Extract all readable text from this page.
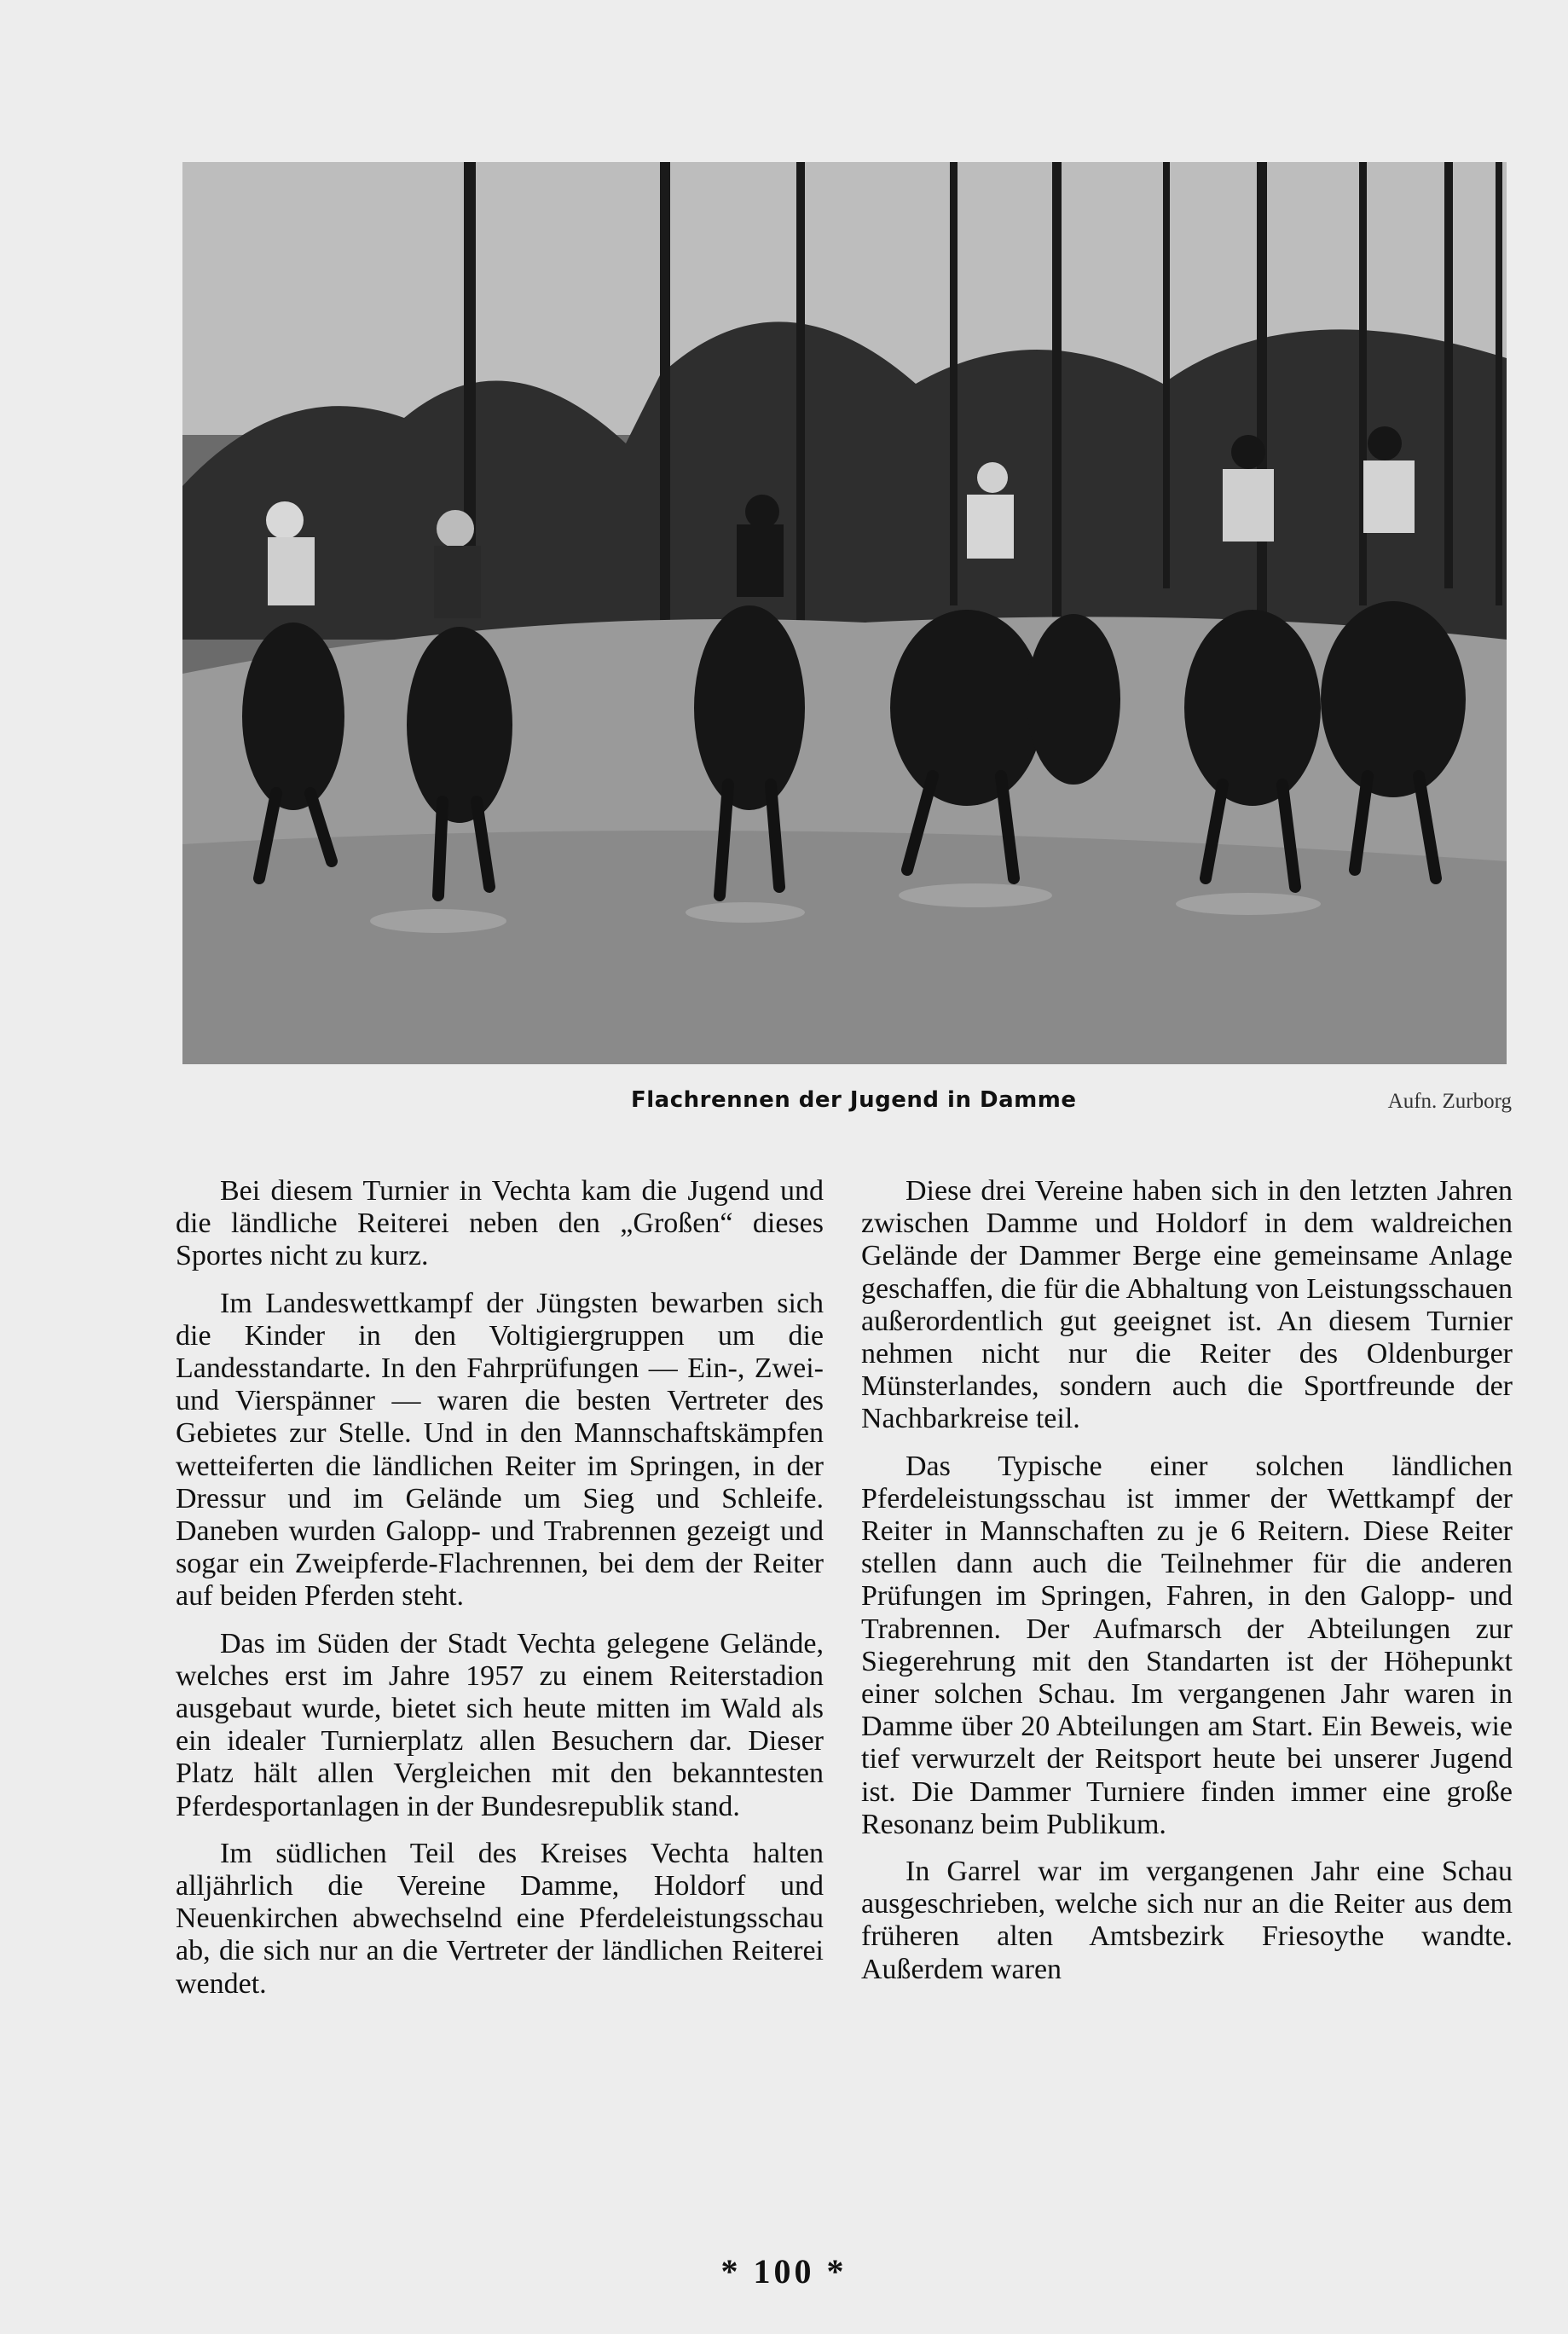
Flachrennen der Jugend in Damme	Aufn. Zurborg

Bei diesem Turnier in Vechta kam die Jugend und die ländliche Reiterei neben den „Großen“ dieses Sportes nicht zu kurz.

Im Landeswettkampf der Jüngsten bewarben sich die Kinder in den Voltigiergruppen um die Landesstandarte. In den Fahrprüfungen — Ein-, Zwei- und Vierspänner — waren die besten Vertreter des Gebietes zur Stelle. Und in den Mannschaftskämpfen wetteiferten die ländlichen Reiter im Springen, in der Dressur und im Gelände um Sieg und Schleife. Daneben wurden Galopp- und Trabrennen gezeigt und sogar ein Zweipferde-Flachrennen, bei dem der Reiter auf beiden Pferden steht.

Das im Süden der Stadt Vechta gelegene Gelände, welches erst im Jahre 1957 zu einem Reiterstadion ausgebaut wurde, bietet sich heute mitten im Wald als ein idealer Turnierplatz allen Besuchern dar. Dieser Platz hält allen Vergleichen mit den bekanntesten Pferdesportanlagen in der Bundesrepublik stand.

Im südlichen Teil des Kreises Vechta halten alljährlich die Vereine Damme, Holdorf und Neuenkirchen abwechselnd eine Pferdeleistungsschau ab, die sich nur an die Vertreter der ländlichen Reiterei wendet.

Diese drei Vereine haben sich in den letzten Jahren zwischen Damme und Holdorf in dem waldreichen Gelände der Dammer Berge eine gemeinsame Anlage geschaffen, die für die Abhaltung von Leistungsschauen außerordentlich gut geeignet ist. An diesem Turnier nehmen nicht nur die Reiter des Oldenburger Münsterlandes, sondern auch die Sportfreunde der Nachbarkreise teil.

Das Typische einer solchen ländlichen Pferdeleistungsschau ist immer der Wettkampf der Reiter in Mannschaften zu je 6 Reitern. Diese Reiter stellen dann auch die Teilnehmer für die anderen Prüfungen im Springen, Fahren, in den Galopp- und Trabrennen. Der Aufmarsch der Abteilungen zur Siegerehrung mit den Standarten ist der Höhepunkt einer solchen Schau. Im vergangenen Jahr waren in Damme über 20 Abteilungen am Start. Ein Beweis, wie tief verwurzelt der Reitsport heute bei unserer Jugend ist. Die Dammer Turniere finden immer eine große Resonanz beim Publikum.

In Garrel war im vergangenen Jahr eine Schau ausgeschrieben, welche sich nur an die Reiter aus dem früheren alten Amtsbezirk Friesoythe wandte. Außerdem waren

* 100 *
